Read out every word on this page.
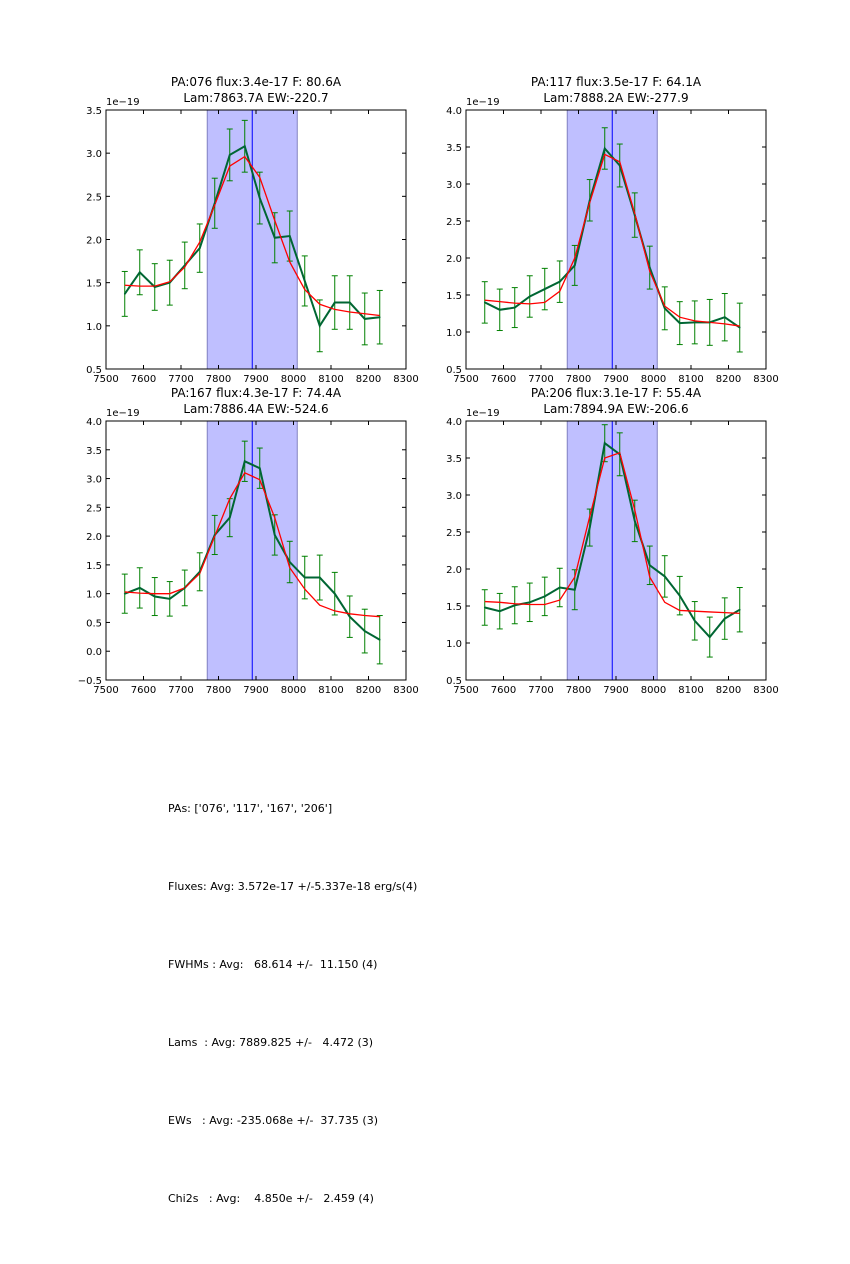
7500 7600 7700 7800 7900 8000 8100 8200 8300
0.5
1.0
1.5
2.0
2.5
3.0
3.5
1e−19
PA:076 flux:3.4e-17 F: 80.6A
Lam:7863.7A EW:-220.7
7500 7600 7700 7800 7900 8000 8100 8200 8300
0.5
1.0
1.5
2.0
2.5
3.0
3.5
4.0
1e−19
PA:117 flux:3.5e-17 F: 64.1A
Lam:7888.2A EW:-277.9
7500 7600 7700 7800 7900 8000 8100 8200 8300
−0.5
0.0
0.5
1.0
1.5
2.0
2.5
3.0
3.5
4.0
1e−19
PA:167 flux:4.3e-17 F: 74.4A
Lam:7886.4A EW:-524.6
7500 7600 7700 7800 7900 8000 8100 8200 8300
0.5
1.0
1.5
2.0
2.5
3.0
3.5
4.0
1e−19
PA:206 flux:3.1e-17 F: 55.4A
Lam:7894.9A EW:-206.6

PAs: ['076', '117', '167', '206']

Fluxes: Avg: 3.572e-17 +/-5.337e-18 erg/s(4)

FWHMs : Avg:   68.614 +/-  11.150 (4)

Lams  : Avg: 7889.825 +/-   4.472 (3)

EWs   : Avg: -235.068e +/-  37.735 (3)

Chi2s   : Avg:    4.850e +/-   2.459 (4)
